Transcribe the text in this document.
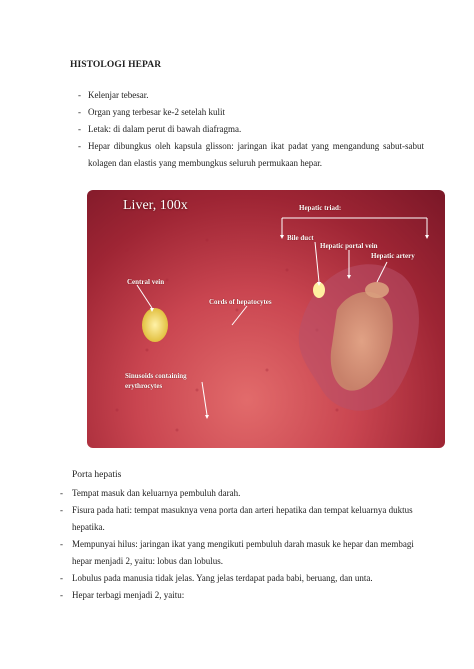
HISTOLOGI HEPAR
- Kelenjar tebesar.
- Organ yang terbesar ke-2 setelah kulit
- Letak: di dalam perut di bawah diafragma.
- Hepar dibungkus oleh kapsula glisson: jaringan ikat padat yang mengandung sabut-sabut kolagen dan elastis yang membungkus seluruh permukaan hepar.
Liver, 100x	Hepatic triad:
Bile duct
Hepatic portal vein
Hepatic artery
Central vein
Cords of hepatocytes
Sinusoids containing
erythrocytes
Porta hepatis
- Tempat masuk dan keluarnya pembuluh darah.
- Fisura pada hati: tempat masuknya vena porta dan arteri hepatika dan tempat keluarnya duktus hepatika.
- Mempunyai hilus: jaringan ikat yang mengikuti pembuluh darah masuk ke hepar dan membagi hepar menjadi 2, yaitu: lobus dan lobulus.
- Lobulus pada manusia tidak jelas. Yang jelas terdapat pada babi, beruang, dan unta.
- Hepar terbagi menjadi 2, yaitu:
